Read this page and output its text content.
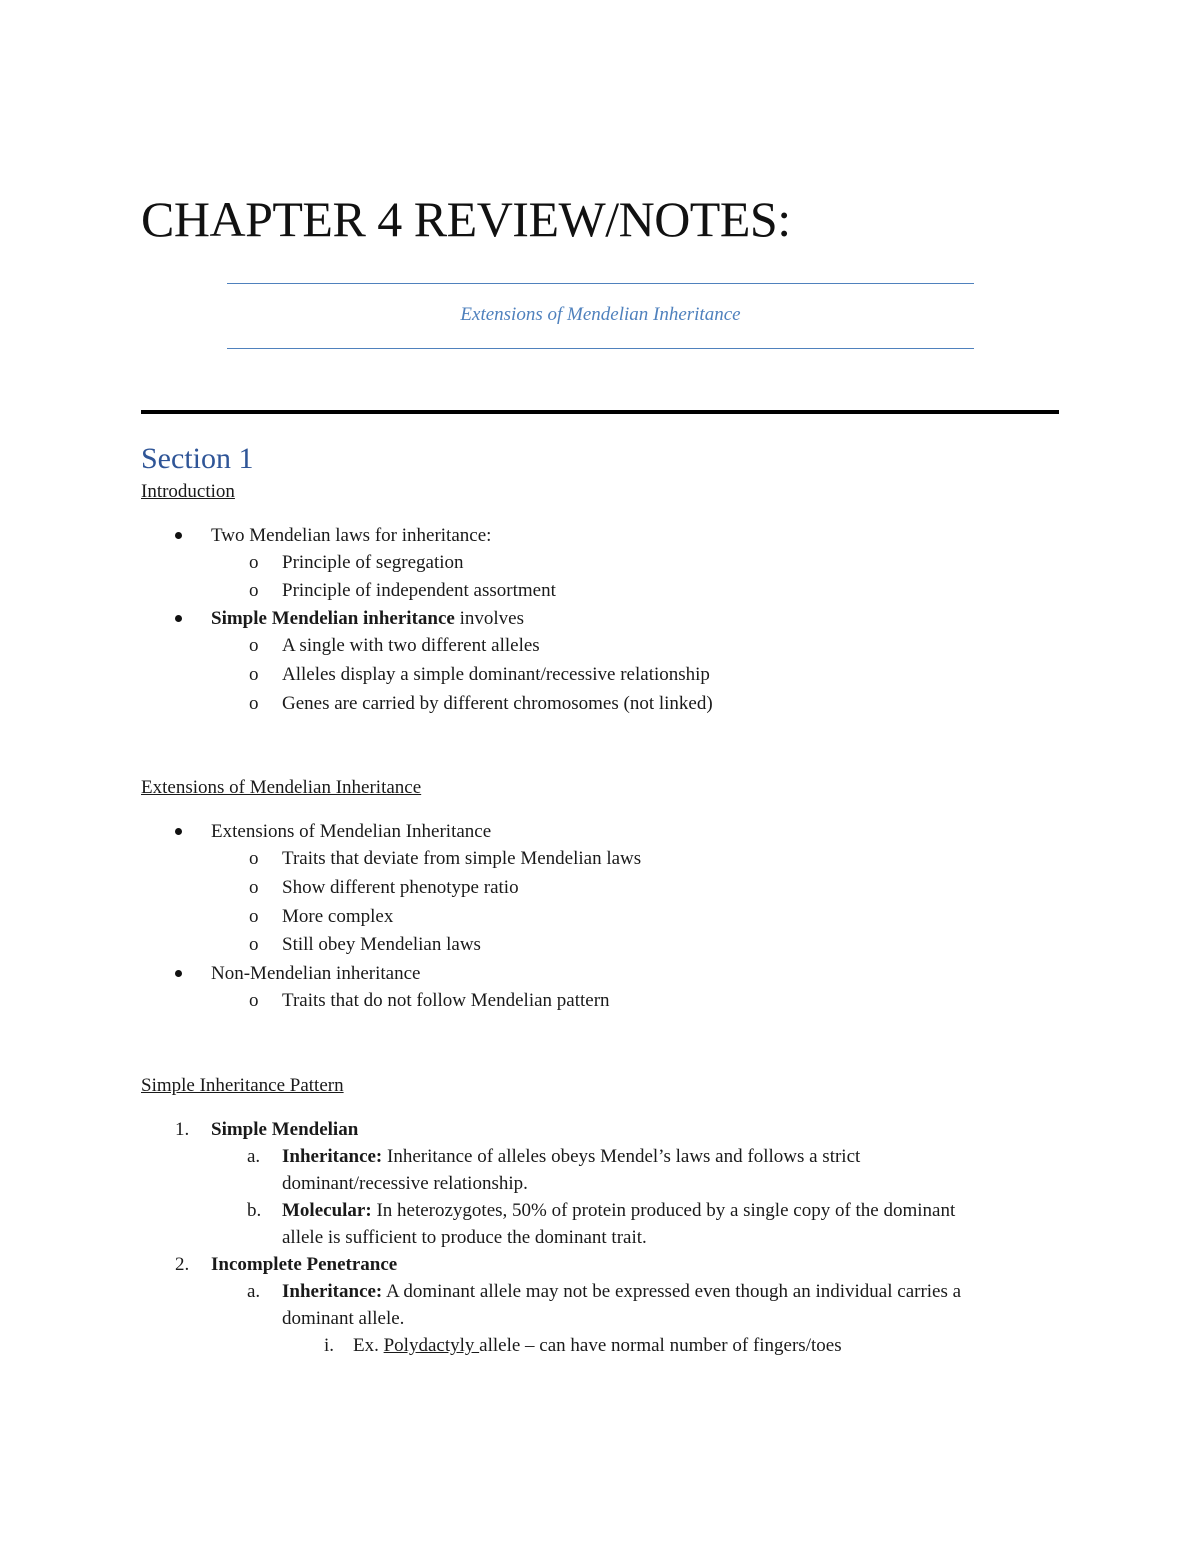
CHAPTER 4 REVIEW/NOTES:
Extensions of Mendelian Inheritance
Section 1
Introduction
Two Mendelian laws for inheritance:
o Principle of segregation
o Principle of independent assortment
Simple Mendelian inheritance involves
o A single with two different alleles
o Alleles display a simple dominant/recessive relationship
o Genes are carried by different chromosomes (not linked)
Extensions of Mendelian Inheritance
Extensions of Mendelian Inheritance
o Traits that deviate from simple Mendelian laws
o Show different phenotype ratio
o More complex
o Still obey Mendelian laws
Non-Mendelian inheritance
o Traits that do not follow Mendelian pattern
Simple Inheritance Pattern
1. Simple Mendelian
a. Inheritance: Inheritance of alleles obeys Mendel’s laws and follows a strict
dominant/recessive relationship.
b. Molecular: In heterozygotes, 50% of protein produced by a single copy of the dominant
allele is sufficient to produce the dominant trait.
2. Incomplete Penetrance
a. Inheritance: A dominant allele may not be expressed even though an individual carries a
dominant allele.
i. Ex. Polydactyly allele – can have normal number of fingers/toes
